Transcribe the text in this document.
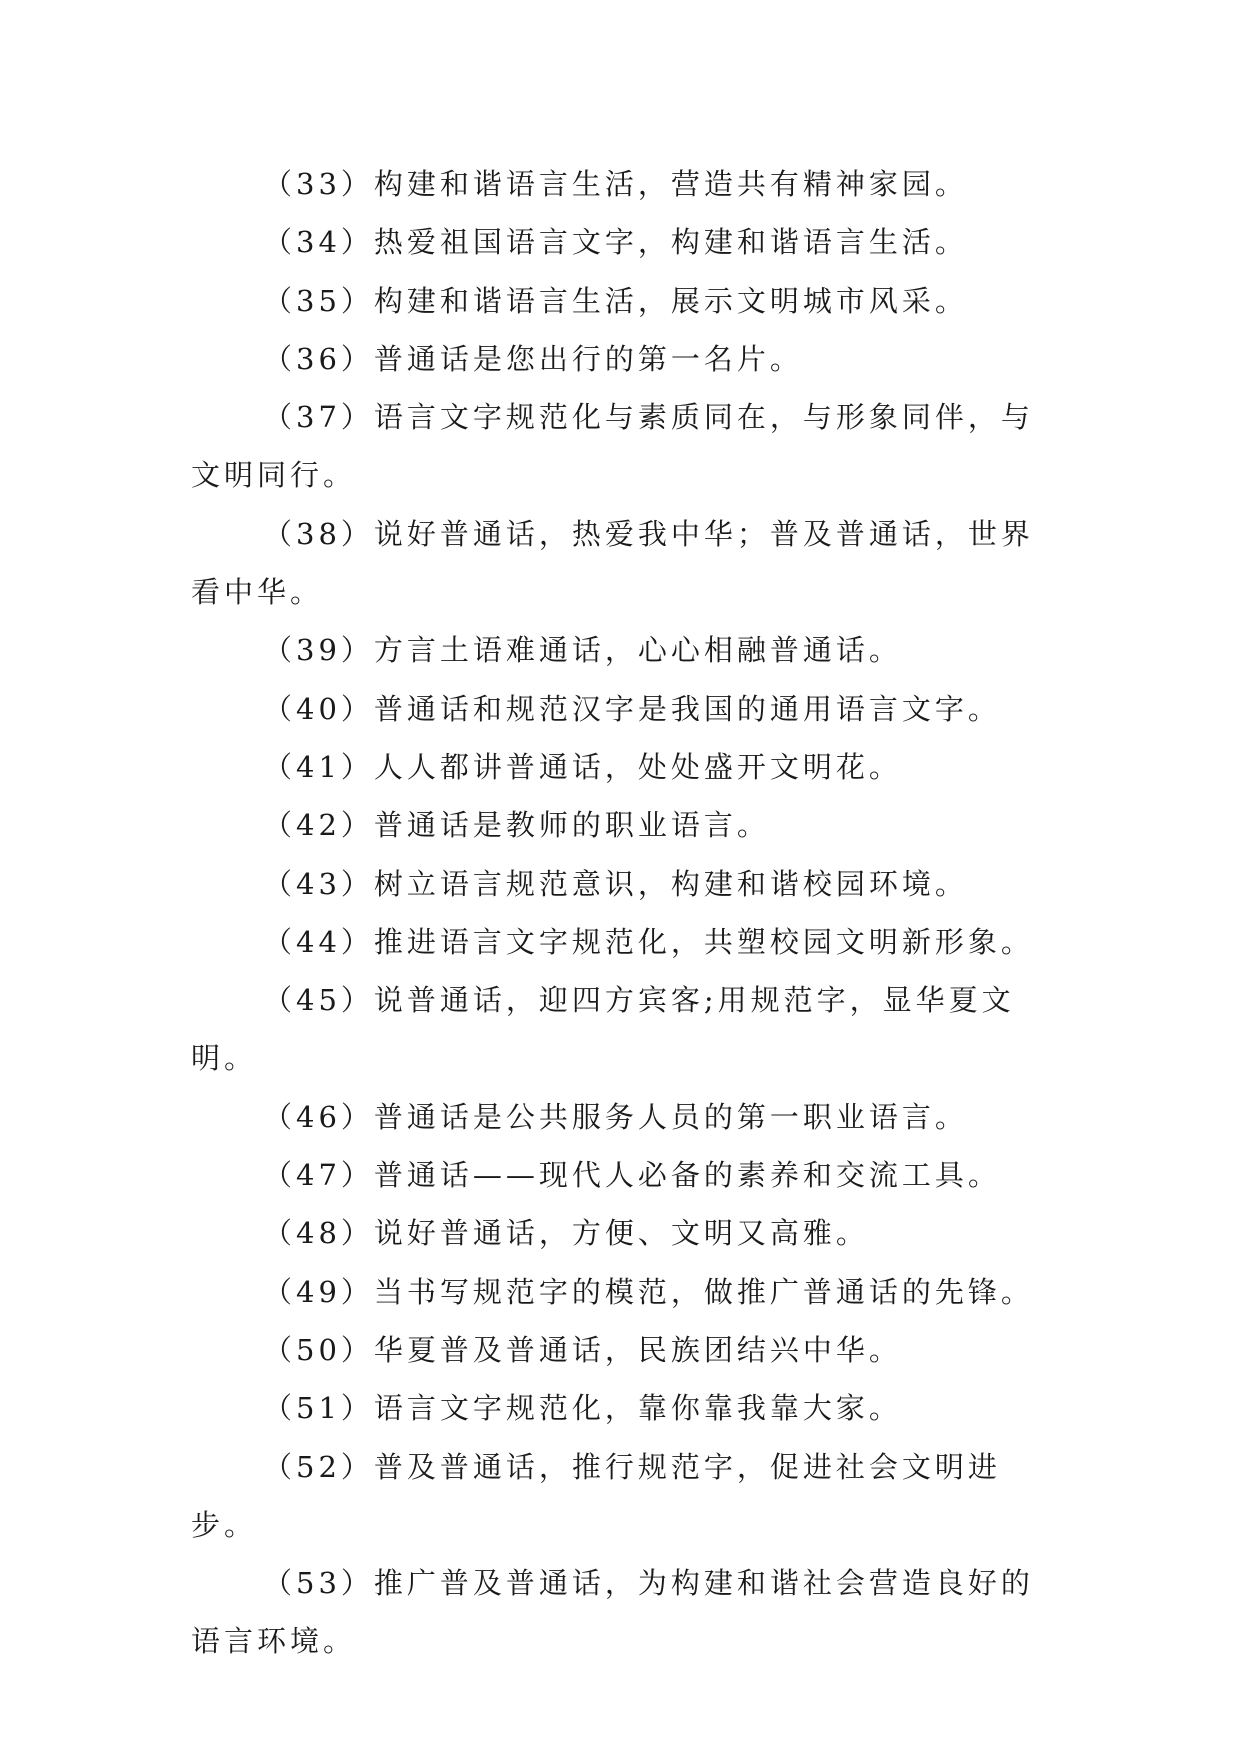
（33）构建和谐语言生活，营造共有精神家园。

（34）热爱祖国语言文字，构建和谐语言生活。

（35）构建和谐语言生活，展示文明城市风采。

（36）普通话是您出行的第一名片。

（37）语言文字规范化与素质同在，与形象同伴，与文明同行。

（38）说好普通话，热爱我中华；普及普通话，世界看中华。

（39）方言土语难通话，心心相融普通话。

（40）普通话和规范汉字是我国的通用语言文字。

（41）人人都讲普通话，处处盛开文明花。

（42）普通话是教师的职业语言。

（43）树立语言规范意识，构建和谐校园环境。

（44）推进语言文字规范化，共塑校园文明新形象。

（45）说普通话，迎四方宾客;用规范字，显华夏文明。

（46）普通话是公共服务人员的第一职业语言。

（47）普通话——现代人必备的素养和交流工具。

（48）说好普通话，方便、文明又高雅。

（49）当书写规范字的模范，做推广普通话的先锋。

（50）华夏普及普通话，民族团结兴中华。

（51）语言文字规范化，靠你靠我靠大家。

（52）普及普通话，推行规范字，促进社会文明进步。

（53）推广普及普通话，为构建和谐社会营造良好的语言环境。
